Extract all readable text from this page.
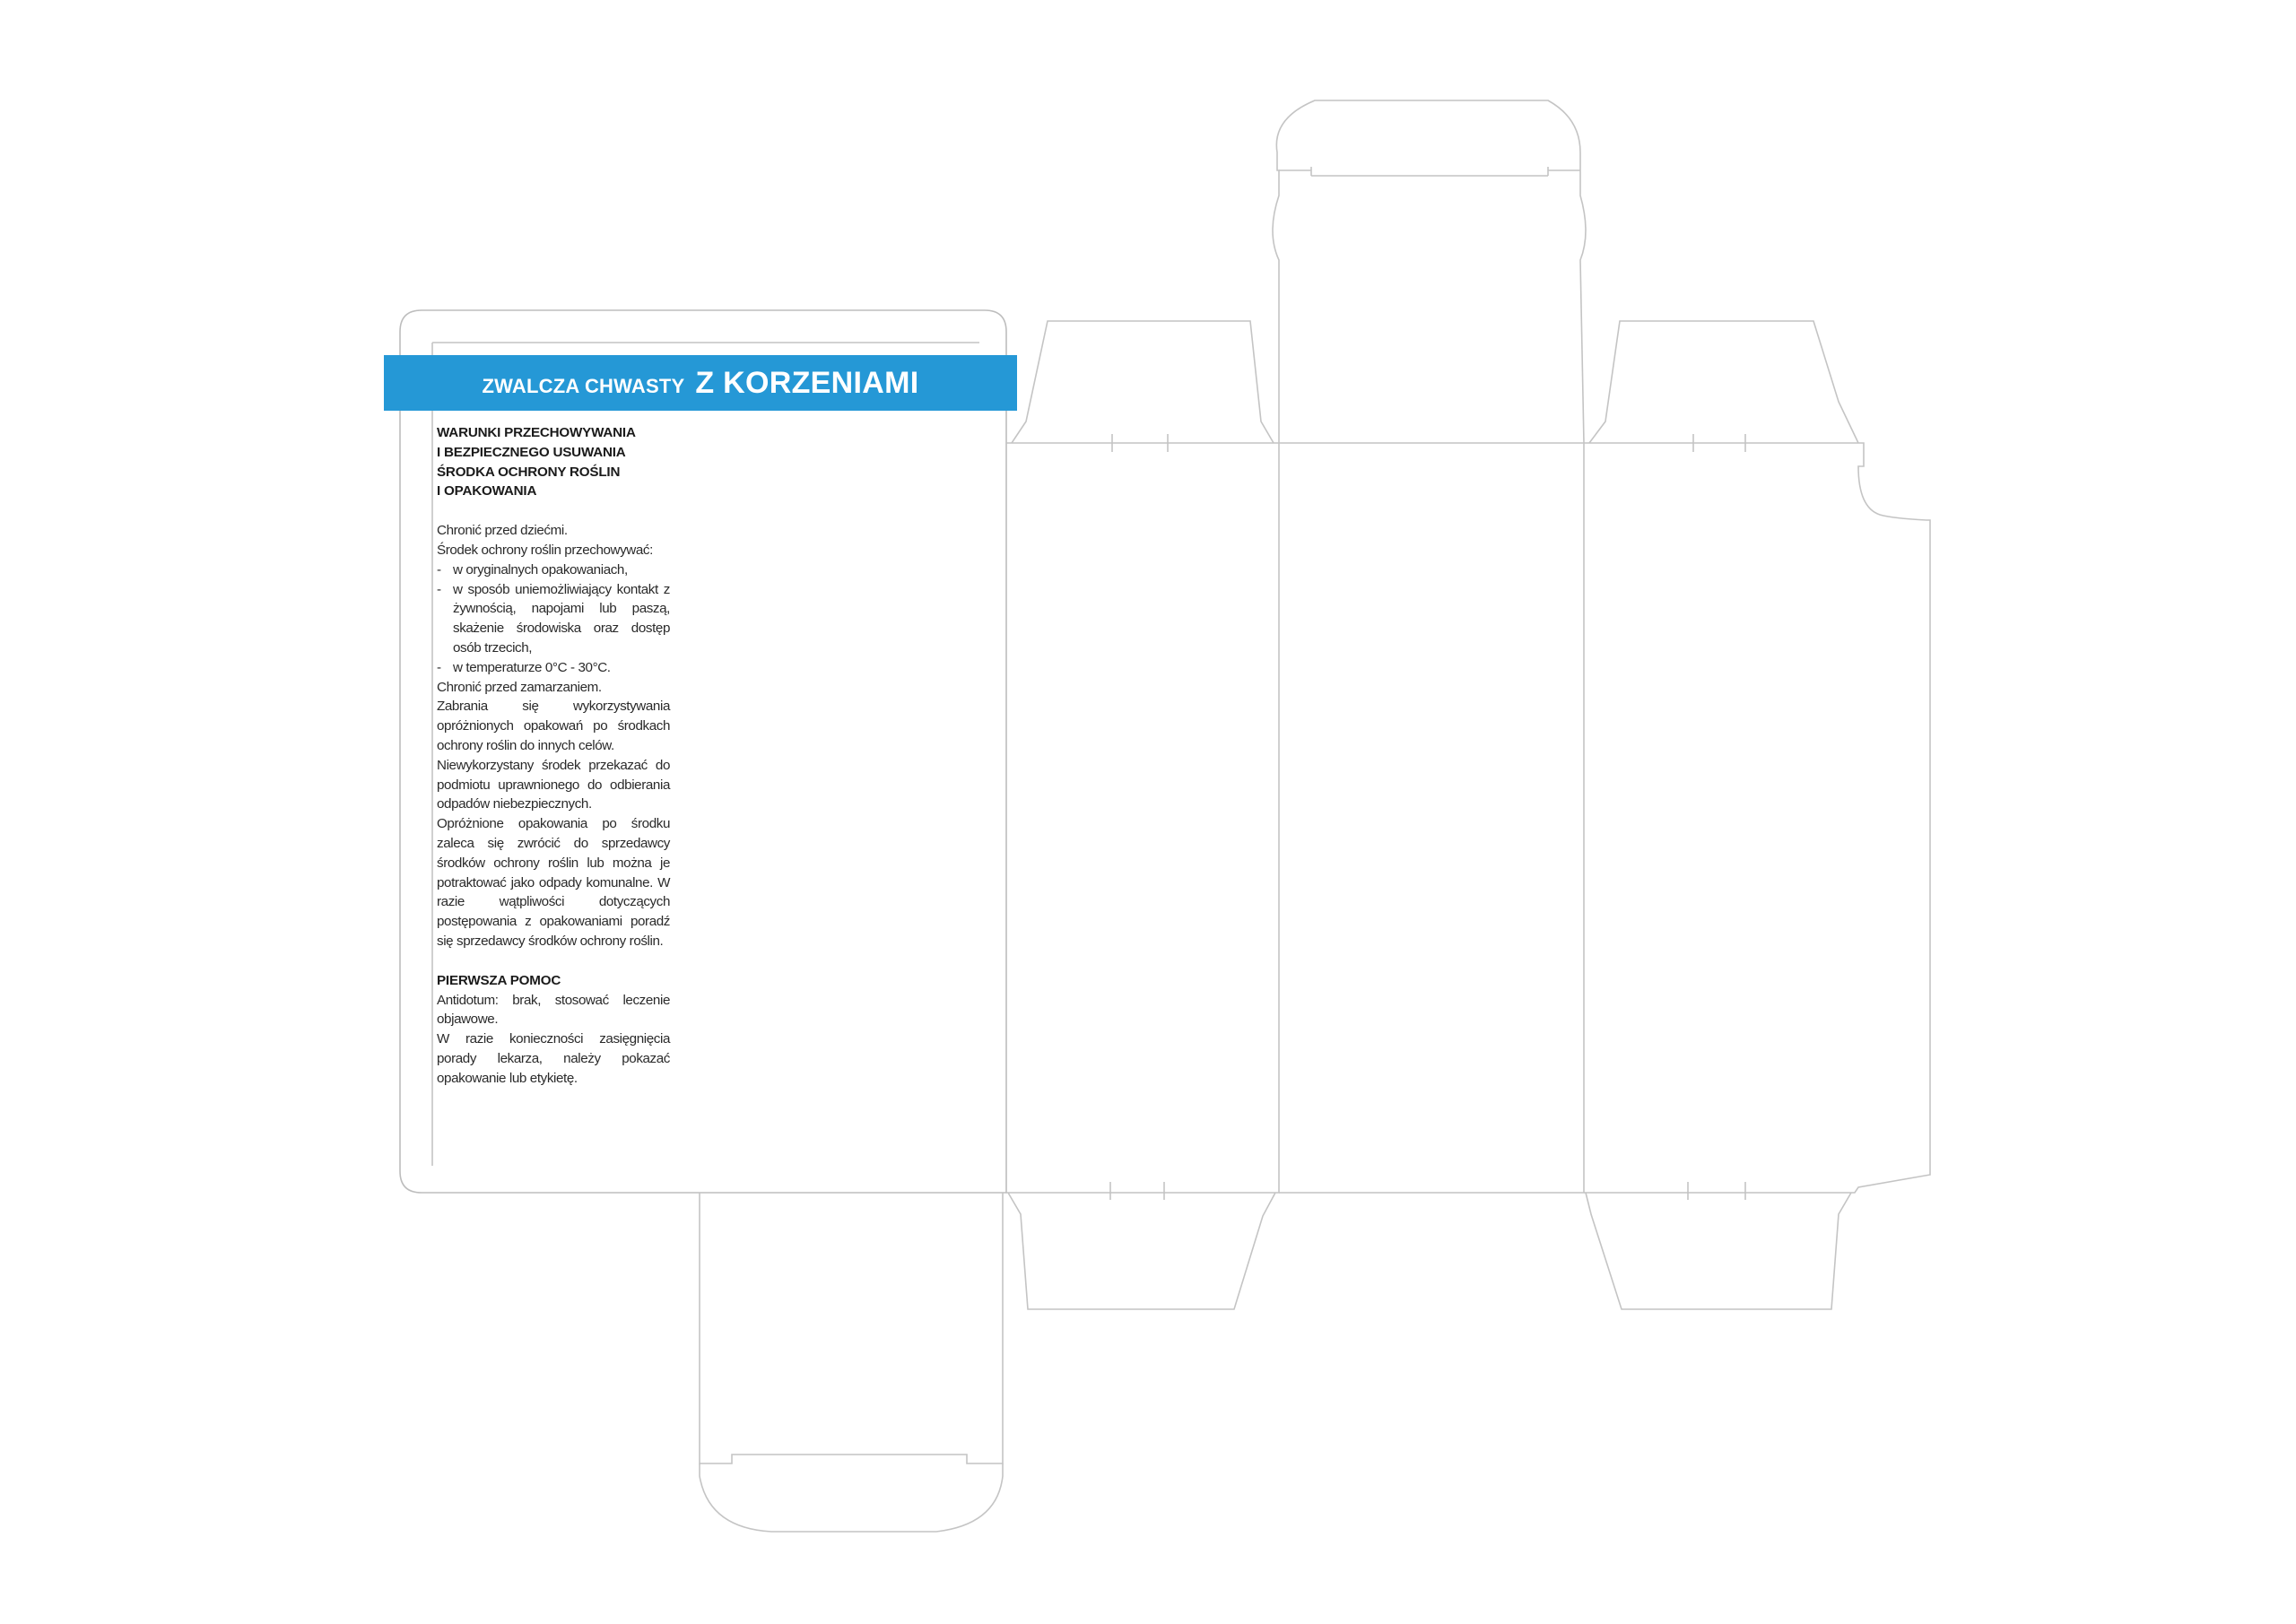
ZWALCZA CHWASTY Z KORZENIAMI
WARUNKI PRZECHOWYWANIA
I BEZPIECZNEGO USUWANIA
ŚRODKA OCHRONY ROŚLIN
I OPAKOWANIA

Chronić przed dziećmi.

Środek ochrony roślin przechowywać:

- w oryginalnych opakowaniach,
- w sposób uniemożliwiający kontakt z żywnością, napojami lub paszą, skażenie środowiska oraz dostęp osób trzecich,
- w temperaturze 0°C - 30°C.

Chronić przed zamarzaniem.

Zabrania się wykorzystywania opróżnionych opakowań po środkach ochrony roślin do innych celów.

Niewykorzystany środek przekazać do podmiotu uprawnionego do odbierania odpadów niebezpiecznych.

Opróżnione opakowania po środku zaleca się zwrócić do sprzedawcy środków ochrony roślin lub można je potraktować jako odpady komunalne. W razie wątpliwości dotyczących postępowania z opakowaniami poradź się sprzedawcy środków ochrony roślin.

PIERWSZA POMOC

Antidotum: brak, stosować leczenie objawowe.

W razie konieczności zasięgnięcia porady lekarza, należy pokazać opakowanie lub etykietę.
